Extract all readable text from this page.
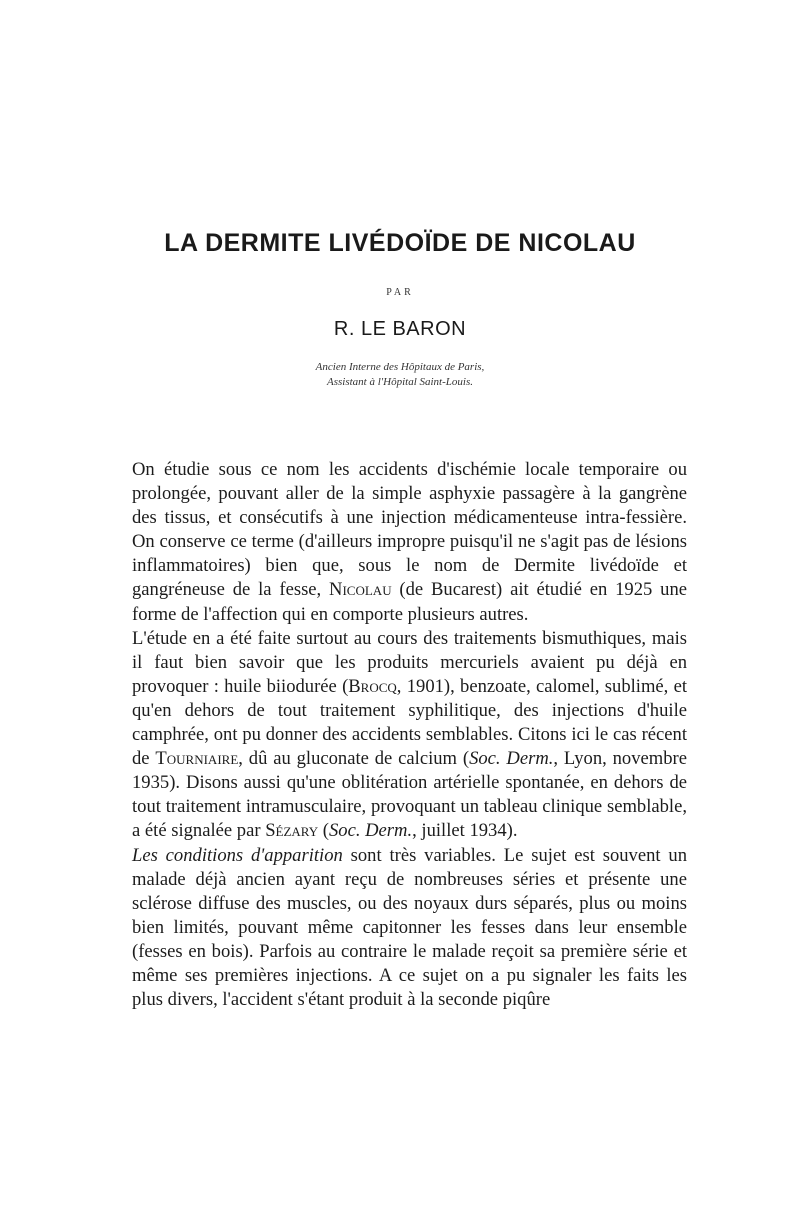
LA DERMITE LIVÉDOÏDE DE NICOLAU
PAR
R. LE BARON
Ancien Interne des Hôpitaux de Paris,
Assistant à l'Hôpital Saint-Louis.

On étudie sous ce nom les accidents d'ischémie locale temporaire ou prolongée, pouvant aller de la simple asphyxie passagère à la gangrène des tissus, et consécutifs à une injection médicamenteuse intra-fessière. On conserve ce terme (d'ailleurs impropre puisqu'il ne s'agit pas de lésions inflammatoires) bien que, sous le nom de Dermite livédoïde et gangréneuse de la fesse, Nicolau (de Bucarest) ait étudié en 1925 une forme de l'affection qui en comporte plusieurs autres.

L'étude en a été faite surtout au cours des traitements bismuthiques, mais il faut bien savoir que les produits mercuriels avaient pu déjà en provoquer : huile biiodurée (Brocq, 1901), benzoate, calomel, sublimé, et qu'en dehors de tout traitement syphilitique, des injections d'huile camphrée, ont pu donner des accidents semblables. Citons ici le cas récent de Tourniaire, dû au gluconate de calcium (Soc. Derm., Lyon, novembre 1935). Disons aussi qu'une oblitération artérielle spontanée, en dehors de tout traitement intramusculaire, provoquant un tableau clinique semblable, a été signalée par Sézary (Soc. Derm., juillet 1934).

Les conditions d'apparition sont très variables. Le sujet est souvent un malade déjà ancien ayant reçu de nombreuses séries et présente une sclérose diffuse des muscles, ou des noyaux durs séparés, plus ou moins bien limités, pouvant même capitonner les fesses dans leur ensemble (fesses en bois). Parfois au contraire le malade reçoit sa première série et même ses premières injections. A ce sujet on a pu signaler les faits les plus divers, l'accident s'étant produit à la seconde piqûre
